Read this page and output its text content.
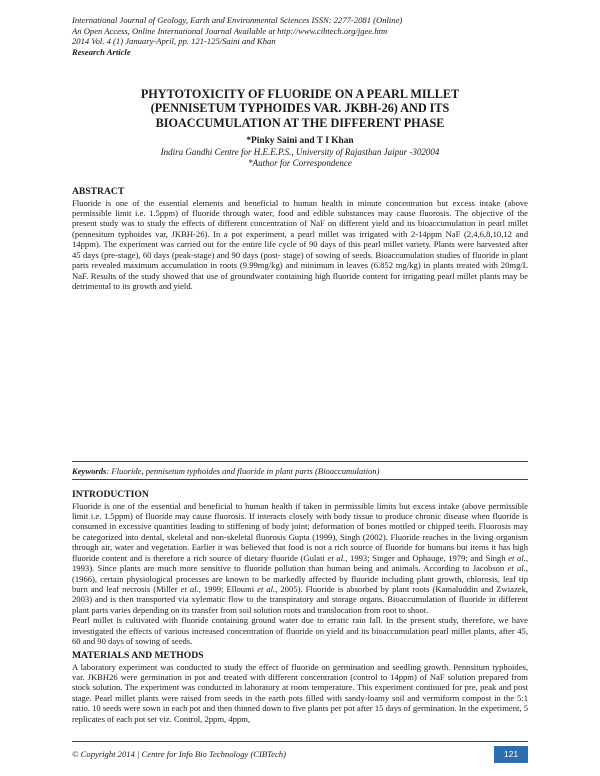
International Journal of Geology, Earth and Environmental Sciences ISSN: 2277-2081 (Online)
An Open Access, Online International Journal Available at http://www.cibtech.org/jgee.htm
2014 Vol. 4 (1) January-April, pp. 121-125/Saini and Khan
Research Article
PHYTOTOXICITY OF FLUORIDE ON A PEARL MILLET
(PENNISETUM TYPHOIDES VAR. JKBH-26) AND ITS
BIOACCUMULATION AT THE DIFFERENT PHASE
*Pinky Saini and T I Khan
Indira Gandhi Centre for H.E.E.P.S., University of Rajasthan Jaipur -302004
*Author for Correspondence

ABSTRACT

Fluoride is one of the essential elements and beneficial to human health in minute concentration but excess intake (above permissible limit i.e. 1.5ppm) of fluoride through water, food and edible substances may cause fluorosis. The objective of the present study was to study the effects of different concentration of NaF on different yield and its bioaccumulation in pearl millet (pennesitum typhoides var, JKBH-26). In a pot experiment, a pearl millet was irrigated with 2-14ppm NaF (2,4,6,8,10,12 and 14ppm). The experiment was carried out for the entire life cycle of 90 days of this pearl millet variety. Plants were harvested after 45 days (pre-stage), 60 days (peak-stage) and 90 days (post- stage) of sowing of seeds. Bioaccumulation studies of fluoride in plant parts revealed maximum accumulation in roots (9.99mg/kg) and minimum in leaves (6.852 mg/kg) in plants treated with 20mg/L NaF. Results of the study showed that use of groundwater containing high fluoride content for irrigating pearl millet plants may be detrimental to its growth and yield.

Keywords: Fluoride, pennisetum typhoides and fluoride in plant parts (Bioaccumulation)

INTRODUCTION

Fluoride is one of the essential and beneficial to human health if taken in permissible limits but excess intake (above permissible limit i.e. 1.5ppm) of fluoride may cause fluorosis. If interacts closely with body tissue to produce chronic disease when fluoride is consumed in excessive quantities leading to stiffening of body joint; deformation of bones mottled or chipped teeth. Fluorosis may be categorized into dental, skeletal and non-skeletal fluorosis Gupta (1999), Singh (2002). Fluoride reaches in the living organism through air, water and vegetation. Earlier it was believed that food is not a rich source of fluoride for humans but items it has high fluoride content and is therefore a rich source of dietary fluoride (Gulati et al., 1993; Singer and Ophauge, 1979; and Singh et al., 1993). Since plants are much more sensitive to fluoride pollution than human being and animals. According to Jacobson et al., (1966), certain physiological processes are known to be markedly affected by fluoride including plant growth, chlorosis, leaf tip burn and leaf necrosis (Miller et al., 1999; Elloumi et al., 2005). Fluoride is absorbed by plant roots (Kamaluddin and Zwiazek, 2003) and is then transported via xylematic flow to the transpiratory and storage organs. Bioaccumulation of fluoride in different plant parts varies depending on its transfer from soil solution roots and translocation from root to shoot.

Pearl millet is cultivated with fluoride containing ground water due to erratic rain fall. In the present study, therefore, we have investigated the effects of various increased concentration of fluoride on yield and its bioaccumulation pearl millet plants, after 45, 60 and 90 days of sowing of seeds.

MATERIALS AND METHODS

A laboratory experiment was conducted to study the effect of fluoride on germination and seedling growth. Pennsitum typhoides, var. JKBH26 were germination in pot and treated with different concentration (control to 14ppm) of NaF solution prepared from stock solution. The experiment was conducted in laboratory at room temperature. This experiment continued for pre, peak and post stage. Pearl millet plants were raised from seeds in the earth pots filled with sandy-loamy soil and vermiform compost in the 5:1 ratio. 10 seeds were sown in each pot and then thinned down to five plants per pot after 15 days of germination. In the experiment, 5 replicates of each pot set viz. Control, 2ppm, 4ppm,

© Copyright 2014 | Centre for Info Bio Technology (CIBTech)	121
